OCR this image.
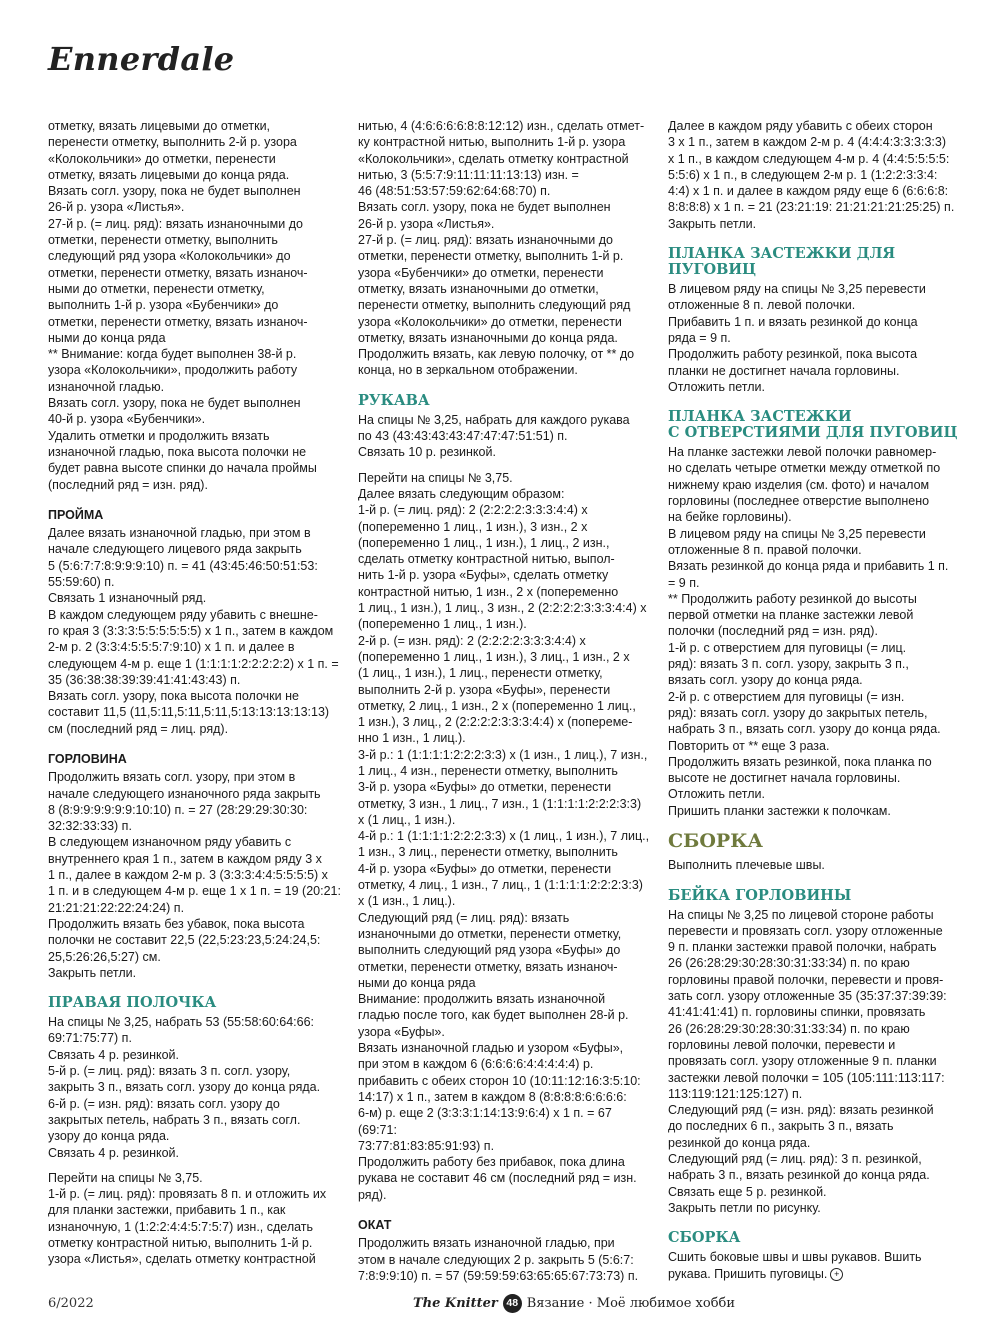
Ennerdale

отметку, вязать лицевыми до отметки,
перенести отметку, выполнить 2-й р. узора
«Колокольчики» до отметки, перенести
отметку, вязать лицевыми до конца ряда.
Вязать согл. узору, пока не будет выполнен
26-й р. узора «Листья».
27-й р. (= лиц. ряд): вязать изнаночными до
отметки, перенести отметку, выполнить
следующий ряд узора «Колокольчики» до
отметки, перенести отметку, вязать изнаноч-
ными до отметки, перенести отметку,
выполнить 1-й р. узора «Бубенчики» до
отметки, перенести отметку, вязать изнаноч-
ными до конца ряда
** Внимание: когда будет выполнен 38-й р.
узора «Колокольчики», продолжить работу
изнаночной гладью.
Вязать согл. узору, пока не будет выполнен
40-й р. узора «Бубенчики».
Удалить отметки и продолжить вязать
изнаночной гладью, пока высота полочки не
будет равна высоте спинки до начала проймы
(последний ряд = изн. ряд).

ПРОЙМА

Далее вязать изнаночной гладью, при этом в
начале следующего лицевого ряда закрыть
5 (5:6:7:7:8:9:9:9:10) п. = 41 (43:45:46:50:51:53:
55:59:60) п.
Связать 1 изнаночный ряд.
В каждом следующем ряду убавить с внешне-
го края 3 (3:3:3:5:5:5:5:5:5) x 1 п., затем в каждом
2-м р. 2 (3:3:4:5:5:5:7:9:10) x 1 п. и далее в
следующем 4-м р. еще 1 (1:1:1:1:2:2:2:2:2) x 1 п. =
35 (36:38:38:39:39:41:41:43:43) п.
Вязать согл. узору, пока высота полочки не
составит 11,5 (11,5:11,5:11,5:11,5:13:13:13:13:13)
см (последний ряд = лиц. ряд).

ГОРЛОВИНА

Продолжить вязать согл. узору, при этом в
начале следующего изнаночного ряда закрыть
8 (8:9:9:9:9:9:9:10:10) п. = 27 (28:29:29:30:30:
32:32:33:33) п.
В следующем изнаночном ряду убавить с
внутреннего края 1 п., затем в каждом ряду 3 x
1 п., далее в каждом 2-м р. 3 (3:3:3:4:4:5:5:5:5) x
1 п. и в следующем 4-м р. еще 1 x 1 п. = 19 (20:21:
21:21:21:22:22:24:24) п.
Продолжить вязать без убавок, пока высота
полочки не составит 22,5 (22,5:23:23,5:24:24,5:
25,5:26:26,5:27) см.
Закрыть петли.

ПРАВАЯ ПОЛОЧКА

На спицы № 3,25, набрать 53 (55:58:60:64:66:
69:71:75:77) п.
Связать 4 р. резинкой.
5-й р. (= лиц. ряд): вязать 3 п. согл. узору,
закрыть 3 п., вязать согл. узору до конца ряда.
6-й р. (= изн. ряд): вязать согл. узору до
закрытых петель, набрать 3 п., вязать согл.
узору до конца ряда.
Связать 4 р. резинкой.

Перейти на спицы № 3,75.
1-й р. (= лиц. ряд): провязать 8 п. и отложить их
для планки застежки, прибавить 1 п., как
изнаночную, 1 (1:2:2:4:4:5:7:5:7) изн., сделать
отметку контрастной нитью, выполнить 1-й р.
узора «Листья», сделать отметку контрастной

нитью, 4 (4:6:6:6:6:8:8:12:12) изн., сделать отмет-
ку контрастной нитью, выполнить 1-й р. узора
«Колокольчики», сделать отметку контрастной
нитью, 3 (5:5:7:9:11:11:11:13:13) изн. =
46 (48:51:53:57:59:62:64:68:70) п.
Вязать согл. узору, пока не будет выполнен
26-й р. узора «Листья».
27-й р. (= лиц. ряд): вязать изнаночными до
отметки, перенести отметку, выполнить 1-й р.
узора «Бубенчики» до отметки, перенести
отметку, вязать изнаночными до отметки,
перенести отметку, выполнить следующий ряд
узора «Колокольчики» до отметки, перенести
отметку, вязать изнаночными до конца ряда.
Продолжить вязать, как левую полочку, от ** до
конца, но в зеркальном отображении.

РУКАВА

На спицы № 3,25, набрать для каждого рукава
по 43 (43:43:43:43:47:47:47:51:51) п.
Связать 10 р. резинкой.

Перейти на спицы № 3,75.
Далее вязать следующим образом:
1-й р. (= лиц. ряд): 2 (2:2:2:2:3:3:3:4:4) x
(попеременно 1 лиц., 1 изн.), 3 изн., 2 x
(попеременно 1 лиц., 1 изн.), 1 лиц., 2 изн.,
сделать отметку контрастной нитью, выпол-
нить 1-й р. узора «Буфы», сделать отметку
контрастной нитью, 1 изн., 2 x (попеременно
1 лиц., 1 изн.), 1 лиц., 3 изн., 2 (2:2:2:2:3:3:3:4:4) x
(попеременно 1 лиц., 1 изн.).
2-й р. (= изн. ряд): 2 (2:2:2:2:3:3:3:4:4) x
(попеременно 1 лиц., 1 изн.), 3 лиц., 1 изн., 2 x
(1 лиц., 1 изн.), 1 лиц., перенести отметку,
выполнить 2-й р. узора «Буфы», перенести
отметку, 2 лиц., 1 изн., 2 x (попеременно 1 лиц.,
1 изн.), 3 лиц., 2 (2:2:2:2:3:3:3:4:4) x (попереме-
нно 1 изн., 1 лиц.).
3-й р.: 1 (1:1:1:1:2:2:2:3:3) x (1 изн., 1 лиц.), 7 изн.,
1 лиц., 4 изн., перенести отметку, выполнить
3-й р. узора «Буфы» до отметки, перенести
отметку, 3 изн., 1 лиц., 7 изн., 1 (1:1:1:1:2:2:2:3:3)
x (1 лиц., 1 изн.).
4-й р.: 1 (1:1:1:1:2:2:2:3:3) x (1 лиц., 1 изн.), 7 лиц.,
1 изн., 3 лиц., перенести отметку, выполнить
4-й р. узора «Буфы» до отметки, перенести
отметку, 4 лиц., 1 изн., 7 лиц., 1 (1:1:1:1:2:2:2:3:3)
x (1 изн., 1 лиц.).
Следующий ряд (= лиц. ряд): вязать
изнаночными до отметки, перенести отметку,
выполнить следующий ряд узора «Буфы» до
отметки, перенести отметку, вязать изнаноч-
ными до конца ряда
Внимание: продолжить вязать изнаночной
гладью после того, как будет выполнен 28-й р.
узора «Буфы».
Вязать изнаночной гладью и узором «Буфы»,
при этом в каждом 6 (6:6:6:6:4:4:4:4:4) р.
прибавить с обеих сторон 10 (10:11:12:16:3:5:10:
14:17) x 1 п., затем в каждом 8 (8:8:8:8:6:6:6:6:
6-м) р. еще 2 (3:3:3:1:14:13:9:6:4) x 1 п. = 67 (69:71:
73:77:81:83:85:91:93) п.
Продолжить работу без прибавок, пока длина
рукава не составит 46 см (последний ряд = изн.
ряд).

ОКАТ

Продолжить вязать изнаночной гладью, при
этом в начале следующих 2 р. закрыть 5 (5:6:7:
7:8:9:9:10) п. = 57 (59:59:59:63:65:65:67:73:73) п.

Далее в каждом ряду убавить с обеих сторон
3 x 1 п., затем в каждом 2-м р. 4 (4:4:4:3:3:3:3:3)
x 1 п., в каждом следующем 4-м р. 4 (4:4:5:5:5:5:
5:5:6) x 1 п., в следующем 2-м р. 1 (1:2:2:3:3:4:
4:4) x 1 п. и далее в каждом ряду еще 6 (6:6:6:8:
8:8:8:8) x 1 п. = 21 (23:21:19: 21:21:21:21:25:25) п.
Закрыть петли.

ПЛАНКА ЗАСТЕЖКИ ДЛЯ ПУГОВИЦ

В лицевом ряду на спицы № 3,25 перевести
отложенные 8 п. левой полочки.
Прибавить 1 п. и вязать резинкой до конца
ряда = 9 п.
Продолжить работу резинкой, пока высота
планки не достигнет начала горловины.
Отложить петли.

ПЛАНКА ЗАСТЕЖКИ
С ОТВЕРСТИЯМИ ДЛЯ ПУГОВИЦ

На планке застежки левой полочки равномер-
но сделать четыре отметки между отметкой по
нижнему краю изделия (см. фото) и началом
горловины (последнее отверстие выполнено
на бейке горловины).
В лицевом ряду на спицы № 3,25 перевести
отложенные 8 п. правой полочки.
Вязать резинкой до конца ряда и прибавить 1 п.
= 9 п.
** Продолжить работу резинкой до высоты
первой отметки на планке застежки левой
полочки (последний ряд = изн. ряд).
1-й р. с отверстием для пуговицы (= лиц.
ряд): вязать 3 п. согл. узору, закрыть 3 п.,
вязать согл. узору до конца ряда.
2-й р. с отверстием для пуговицы (= изн.
ряд): вязать согл. узору до закрытых петель,
набрать 3 п., вязать согл. узору до конца ряда.
Повторить от ** еще 3 раза.
Продолжить вязать резинкой, пока планка по
высоте не достигнет начала горловины.
Отложить петли.
Пришить планки застежки к полочкам.

СБОРКА

Выполнить плечевые швы.

БЕЙКА ГОРЛОВИНЫ

На спицы № 3,25 по лицевой стороне работы
перевести и провязать согл. узору отложенные
9 п. планки застежки правой полочки, набрать
26 (26:28:29:30:28:30:31:33:34) п. по краю
горловины правой полочки, перевести и провя-
зать согл. узору отложенные 35 (35:37:37:39:39:
41:41:41:41) п. горловины спинки, провязать
26 (26:28:29:30:28:30:31:33:34) п. по краю
горловины левой полочки, перевести и
провязать согл. узору отложенные 9 п. планки
застежки левой полочки = 105 (105:111:113:117:
113:119:121:125:127) п.
Следующий ряд (= изн. ряд): вязать резинкой
до последних 6 п., закрыть 3 п., вязать
резинкой до конца ряда.
Следующий ряд (= лиц. ряд): 3 п. резинкой,
набрать 3 п., вязать резинкой до конца ряда.
Связать еще 5 р. резинкой.
Закрыть петли по рисунку.

СБОРКА

Сшить боковые швы и швы рукавов. Вшить
рукава. Пришить пуговицы. +

6/2022	The Knitter 48 Вязание · Моё любимое хобби
